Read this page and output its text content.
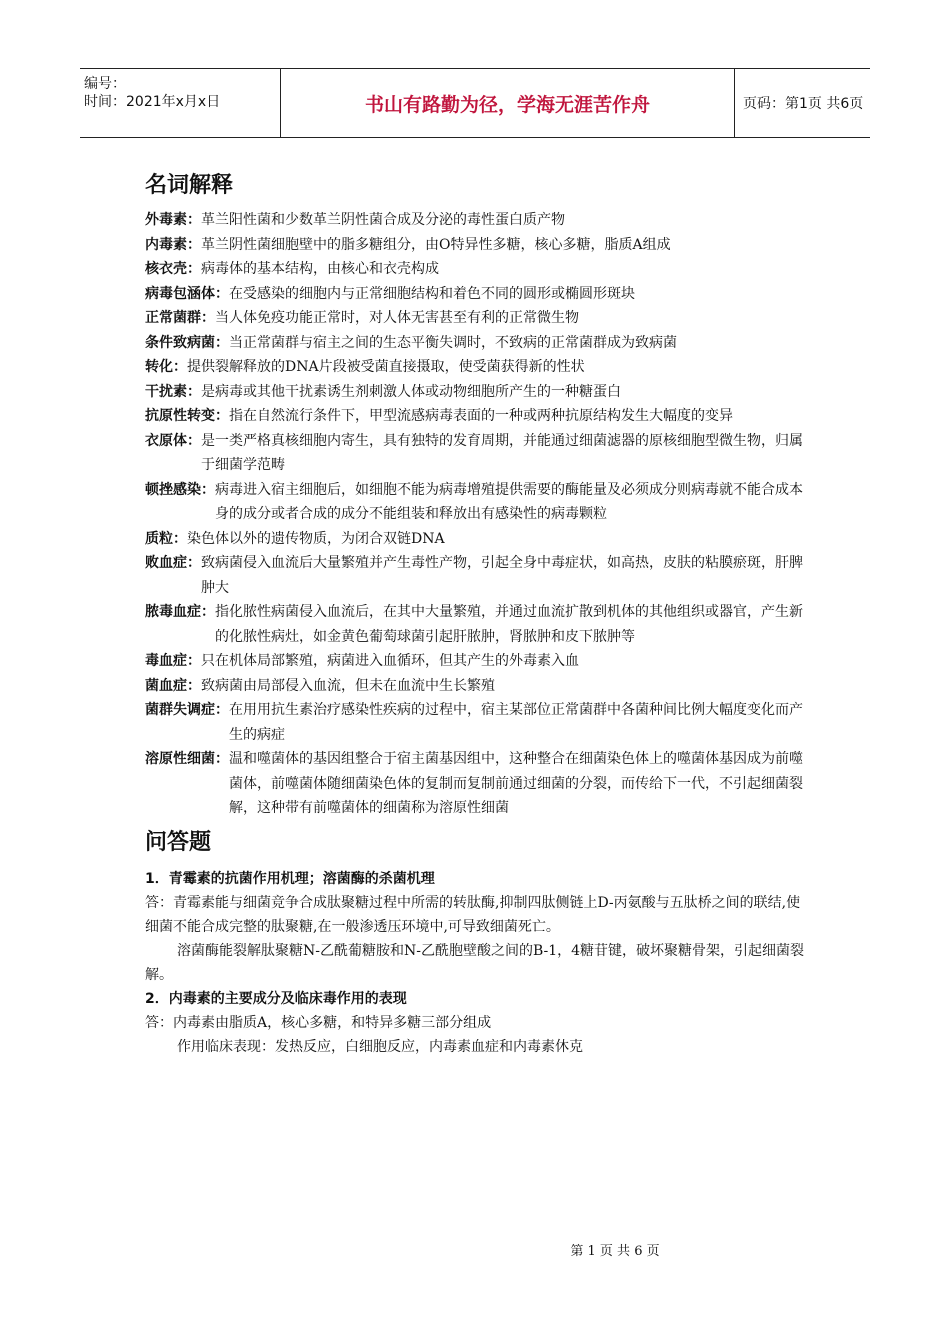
编号：
时间：2021年x月x日	书山有路勤为径，学海无涯苦作舟	页码：第1页 共6页
名词解释
外毒素： 革兰阳性菌和少数革兰阴性菌合成及分泌的毒性蛋白质产物
内毒素： 革兰阴性菌细胞壁中的脂多糖组分，由O特异性多糖，核心多糖，脂质A组成
核衣壳： 病毒体的基本结构，由核心和衣壳构成
病毒包涵体： 在受感染的细胞内与正常细胞结构和着色不同的圆形或椭圆形斑块
正常菌群： 当人体免疫功能正常时，对人体无害甚至有利的正常微生物
条件致病菌： 当正常菌群与宿主之间的生态平衡失调时，不致病的正常菌群成为致病菌
转化： 提供裂解释放的DNA片段被受菌直接摄取，使受菌获得新的性状
干扰素： 是病毒或其他干扰素诱生剂刺激人体或动物细胞所产生的一种糖蛋白
抗原性转变： 指在自然流行条件下，甲型流感病毒表面的一种或两种抗原结构发生大幅度的变异
衣原体： 是一类严格真核细胞内寄生，具有独特的发育周期，并能通过细菌滤器的原核细胞型微生物，归属于细菌学范畴
顿挫感染： 病毒进入宿主细胞后，如细胞不能为病毒增殖提供需要的酶能量及必须成分则病毒就不能合成本身的成分或者合成的成分不能组装和释放出有感染性的病毒颗粒
质粒： 染色体以外的遗传物质，为闭合双链DNA
败血症： 致病菌侵入血流后大量繁殖并产生毒性产物，引起全身中毒症状，如高热，皮肤的粘膜瘀斑，肝脾肿大
脓毒血症： 指化脓性病菌侵入血流后，在其中大量繁殖，并通过血流扩散到机体的其他组织或器官，产生新的化脓性病灶，如金黄色葡萄球菌引起肝脓肿，肾脓肿和皮下脓肿等
毒血症： 只在机体局部繁殖，病菌进入血循环，但其产生的外毒素入血
菌血症： 致病菌由局部侵入血流，但未在血流中生长繁殖
菌群失调症： 在用用抗生素治疗感染性疾病的过程中，宿主某部位正常菌群中各菌种间比例大幅度变化而产生的病症
溶原性细菌： 温和噬菌体的基因组整合于宿主菌基因组中，这种整合在细菌染色体上的噬菌体基因成为前噬菌体，前噬菌体随细菌染色体的复制而复制前通过细菌的分裂，而传给下一代，不引起细菌裂解，这种带有前噬菌体的细菌称为溶原性细菌
问答题

1．青霉素的抗菌作用机理；溶菌酶的杀菌机理

答：青霉素能与细菌竞争合成肽聚糖过程中所需的转肽酶,抑制四肽侧链上D-丙氨酸与五肽桥之间的联结,使细菌不能合成完整的肽聚糖,在一般渗透压环境中,可导致细菌死亡。

溶菌酶能裂解肽聚糖N-乙酰葡糖胺和N-乙酰胞壁酸之间的B-1，4糖苷键，破坏聚糖骨架，引起细菌裂解。

2．内毒素的主要成分及临床毒作用的表现

答：内毒素由脂质A，核心多糖，和特异多糖三部分组成

作用临床表现：发热反应，白细胞反应，内毒素血症和内毒素休克

第 1 页 共 6 页
